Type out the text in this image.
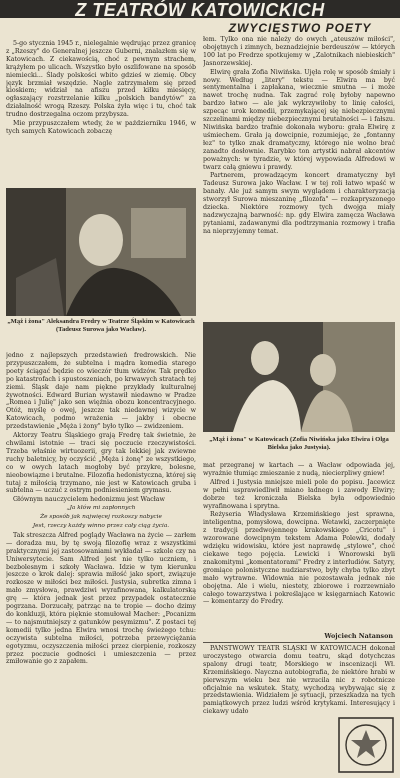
Z TEATRÓW KATOWICKICH
ZWYCIĘSTWO POETY

5-go stycznia 1945 r., nielegalnie wędrując przez granicę z „Rzeszy" do Generalnej jeszcze Guberni, znalazłem się w Katowicach. Z ciekawością, choć z pewnym strachem, krążyłem po ulicach. Wszystko było oszlifowane na sposób niemiecki... Ślady polskości wbito gdzieś w ziemię. Obcy język brzmiał wszędzie. Nagle zatrzymałem się przed kioskiem; widział na afiszu przed kiłku miesięcy, ogłaszający rozstrzelanie kilku „polskich bandytów" za działalność wrogą Rzeszy. Polska żyła więc i tu, choć tak trudno dostrzegalna oczom przybysza.

Mie przypuszczałem wtedy, że w październiku 1946, w tych samych Katowicach zobaczę

„Mąż i żona" Aleksandra Fredry w Teatrze Śląskim w Katowicach (Tadeusz Surowa jako Wacław).

łem. Tylko ona nie należy do owych „ateuszów miłości", obojętnych i zimnych, beznadziejnie berdeuszów — których 100 lat po Fredrze spotkujemy w „Zalotnikach niebieskich" Jasnorzewskiej.

Elwirę grała Zofia Niwińska. Ujęła rolę w sposób śmiały i nowy. Według „litery" tekstu — Elwira ma być sentymentalna i zapłakana, wiecznie smutna — i może nawet trochę nudna. Tak zagrać rolę byłoby napewno bardzo łatwo — ale jak wykrzywiłoby to linię całości, szpecąc urok komedii, przemykającej się niebezpiecznymi szczelinami między niebezpiecznymi brutalności — i fałszu. Niwińska bardzo trafnie dokonała wyboru: grała Elwirę z uśmiechem. Grała ją dowcipnie, rozumiejąc, że „fontanny łez" to tylko znak dramatyczny, którego nie wolno brać zanadto dosłownie. Rarybko ton artystki nabrał akcentów poważnych: w tyradzie, w której wypowiada Alfredowi w twarz całą gniewu i prawdy.

Partnerem, prowadzącym koncert dramatyczny był Tadeusz Surowa jako Wacław. I w tej roli łatwo wpaść w banały. Ale już samym swym wyglądem i charakteryzacją stworzył Surowa mieszaninę „filozofa" — rozkapryszonego dziecka. Niektóre rozmowy tych dwojga miały nadzwyczajną barwność: np. gdy Elwira zamęcza Wacława pytaniami, zadawanymi dla podtrzymania rozmowy i trafia na nieprzyjemny temat.

„Mąż i żona" w Katowicach (Zofia Niwińska jako Elwira i Olga Bielska jako Justysia).

jedno z najlepszych przedstawień fredrowskich. Nie przypuszczałem, że subtelna i mądra komedia starego poety ściągać będzie co wieczór tłum widzów. Tak prędko po katastrofach i spustoszeniach, po krwawych stratach tej ziemi. Śląsk daje nam piękne przykłady kulturalnej żywotności. Edward Burian wystawił niedawno w Pradze „Romea i Julię" jako sen więźnia obozu koncentracyjnego. Otóż, myślę o owej, jeszcze tak niedawnej wizycie w Katowicach, podmo wrażenia — jakby i obecne przedstawienie „Męża i żony" było tylko — zwidzeniem.

Aktorzy Teatru Śląskiego grają Fredrę tak świetnie, że chwilami istotnie — traci się poczucie rzeczywistości. Trzeba właśnie wirtuozerii, gry tak lekkiej jak zwiewne ruchy baletnicy, by oczyścić „Męża i żonę" ze wszystkiego, co w owych latach mogłoby być przykre, bolesne, nieobowiązne i brutalne. Filozofia hedonistyczna, której się tutaj z miłością trzymano, nie jest w Katowicach gruba i subtelna — uczuć z ostrym podniesieniem grymasu.

Głównym nauczycielem hedonizmu jest Wacław

„Ja kłów mi zapłonnych

Że sposób jak najwięcej rozkoszy nabycie

Jest, rzeczy każdy winno przez cały ciąg życia.

Tak streszcza Alfred poglądy Wacława na życie — zarłem — doradza mu, by tę swoją filozofię wraz z wszystkimi praktycznymi jej zastosowaniami wykładał — szkole czy na Uniwersytecie. Sam Alfred jest nie tylko uczniem, i bezbolesnym i szkoły Wacława. Idzie w tym kierunku jeszcze o krok dalej: sprawia miłość jako sport, związuje rozkosze w miłości bez miłości. Justysia, subretka zimna i mało zmysłowa, prawdziwi wyrafinowana, kalkulatorską grę — która jednak jest przez przypadek ostatecznie pogrzana. Dorzucały, patrząc na te tropie — docho dzimy do konkluzji, która pięknie stomułował Macher: „Pocanizm — to najsmutniejszy z gatunków pesymizmu". Z postaci tej komedii tylko jedna Elwira wnosi trochę świeżego tchu: oczywista subtelna miłości, potrzeba przewyciężania egotyzmu, oczyszczenia miłości przez cierpienie, rozkoszy przez poczucie godności i umieszczenia — przez zmiłowanie go z zapałem.

mat przegranej w kartach — a Wacław odpowiada jej, wyrażnie tłumiąc zmieszanie z nudą, niecierpliwy gniew!

Alfred i Justysia mniejsze mieli pole do popisu. Jacewicz w pełni usprawiedliwił miano ładnego i zawody Elwiry; dobrze też kroniczała Bielska była odpowiednio wyrafinowana i sprytna.

Reżyseria Władysława Krzemińskiego jest sprawna, inteligentna, pomysłowa, dowcipna. Wetawki, zaczerpnięte z tradycji przedwojennego krakowskiego „Cricotu" i wzorowane dowcipnym tekstem Adama Polewki, dodały wdzięku widowisku, które jest naprawdę „stylowe", choć ciekawe tego pojęcia. Lewicki i Wnorowski byli znakomitymi „komentatorami" Fredry z interludiów. Satyry, gromiące polonistyczne nudziarstwo, były chyba tylko zbyt mało wytrawne. Widownia nie pozostawała jednak nie obojętna. Ale i wielu, niestety, zbiorowe i rozrzewniało całego towarzystwa i pokreślające w księgarniach Katowic — komentarzy do Fredry.

Wojciech Natanson

PAŃSTWOWY TEATR ŚLĄSKI W KATOWICACH dokonał uroczystego otwarcia domu teatru, skąd dotychczas spalony drugi teatr, Morskiego w inscenizacji Wł. Krzemińskiego. Nayczna autobiografia, że niektóre hrabi w pierwszym wieku bez nie wrzucila nic z robotnicze oficjalnie na wskutek. Staty, wychodzą wybywając się z przedstawienia. Widziałem je sytuacji, przeszkadza na tych pamiątkowych przez ludzi wśród krytykami. Interesujący i ciekawy udało
